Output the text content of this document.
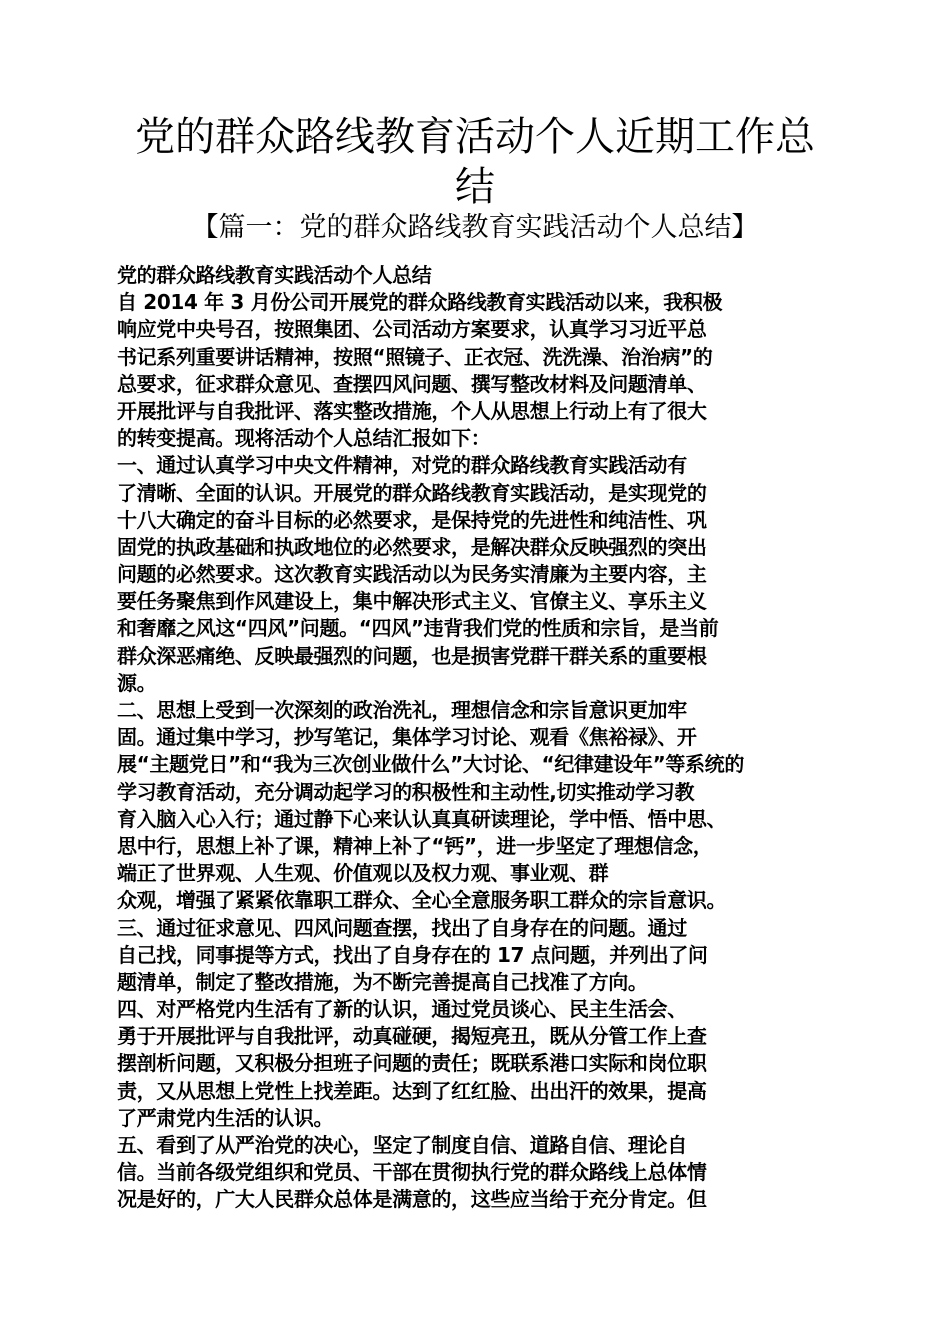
党的群众路线教育活动个人近期工作总
结
【篇一：党的群众路线教育实践活动个人总结】
党的群众路线教育实践活动个人总结
自 2014 年 3 月份公司开展党的群众路线教育实践活动以来，我积极
响应党中央号召，按照集团、公司活动方案要求，认真学习习近平总
书记系列重要讲话精神，按照“照镜子、正衣冠、洗洗澡、治治病”的
总要求，征求群众意见、查摆四风问题、撰写整改材料及问题清单、
开展批评与自我批评、落实整改措施，个人从思想上行动上有了很大
的转变提高。现将活动个人总结汇报如下：
一、通过认真学习中央文件精神，对党的群众路线教育实践活动有
了清晰、全面的认识。开展党的群众路线教育实践活动，是实现党的
十八大确定的奋斗目标的必然要求，是保持党的先进性和纯洁性、巩
固党的执政基础和执政地位的必然要求，是解决群众反映强烈的突出
问题的必然要求。这次教育实践活动以为民务实清廉为主要内容，主
要任务聚焦到作风建设上，集中解决形式主义、官僚主义、享乐主义
和奢靡之风这“四风”问题。“四风”违背我们党的性质和宗旨，是当前
群众深恶痛绝、反映最强烈的问题，也是损害党群干群关系的重要根
源。
二、思想上受到一次深刻的政治洗礼，理想信念和宗旨意识更加牢
固。通过集中学习，抄写笔记，集体学习讨论、观看《焦裕禄》、开
展“主题党日”和“我为三次创业做什么”大讨论、“纪律建设年”等系统的
学习教育活动，充分调动起学习的积极性和主动性,切实推动学习教
育入脑入心入行；通过静下心来认认真真研读理论，学中悟、悟中思、
思中行，思想上补了课，精神上补了“钙”，进一步坚定了理想信念，
端正了世界观、人生观、价值观以及权力观、事业观、群
众观，增强了紧紧依靠职工群众、全心全意服务职工群众的宗旨意识。
三、通过征求意见、四风问题查摆，找出了自身存在的问题。通过
自己找，同事提等方式，找出了自身存在的 17 点问题，并列出了问
题清单，制定了整改措施，为不断完善提高自己找准了方向。
四、对严格党内生活有了新的认识，通过党员谈心、民主生活会、
勇于开展批评与自我批评，动真碰硬，揭短亮丑，既从分管工作上查
摆剖析问题，又积极分担班子问题的责任；既联系港口实际和岗位职
责，又从思想上党性上找差距。达到了红红脸、出出汗的效果，提高
了严肃党内生活的认识。
五、看到了从严治党的决心，坚定了制度自信、道路自信、理论自
信。当前各级党组织和党员、干部在贯彻执行党的群众路线上总体情
况是好的，广大人民群众总体是满意的，这些应当给于充分肯定。但
